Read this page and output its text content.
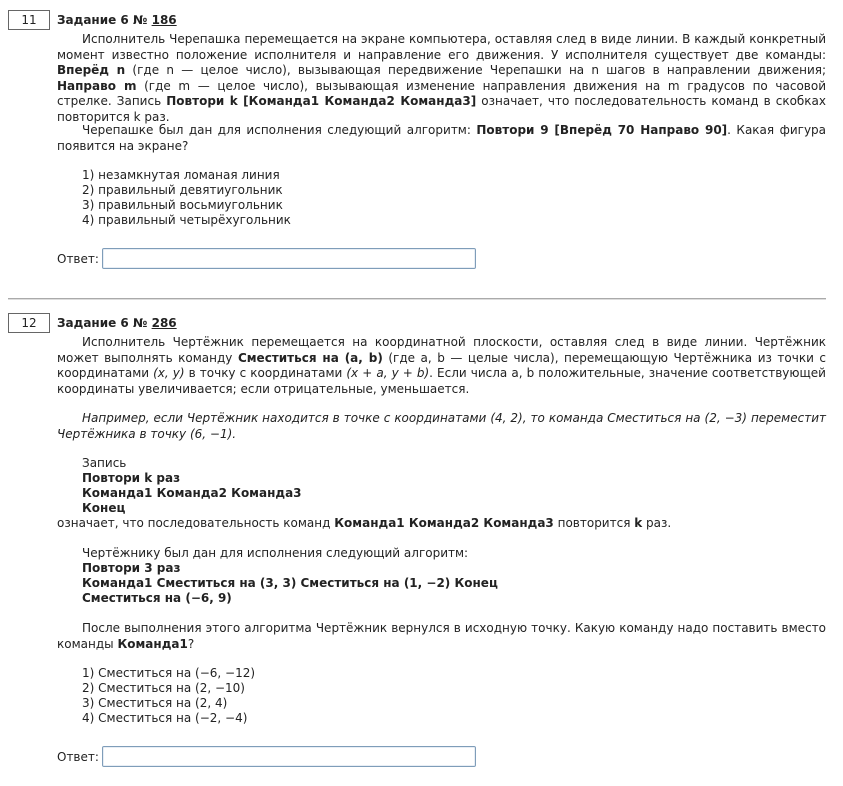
11	Задание 6 № 186

Исполнитель Черепашка перемещается на экране компьютера, оставляя след в виде линии. В каждый конкретный момент известно положение исполнителя и направление его движения. У исполнителя существует две команды: Вперёд n (где n — целое число), вызывающая передвижение Черепашки на n шагов в направлении движения; Направо m (где m — целое число), вызывающая изменение направления движения на m градусов по часовой стрелке. Запись Повтори k [Команда1 Команда2 Команда3] означает, что последовательность команд в скобках повторится k раз.

Черепашке был дан для исполнения следующий алгоритм: Повтори 9 [Вперёд 70 Направо 90]. Какая фигура появится на экране?

1) незамкнутая ломаная линия
2) правильный девятиугольник
3) правильный восьмиугольник
4) правильный четырёхугольник
Ответ:
12	Задание 6 № 286

Исполнитель Чертёжник перемещается на координатной плоскости, оставляя след в виде линии. Чертёжник может выполнять команду Сместиться на (a, b) (где a, b — целые числа), перемещающую Чертёжника из точки с координатами (x, y) в точку с координатами (x + a, y + b). Если числа a, b положительные, значение соответствующей координаты увеличивается; если отрицательные, уменьшается.

Например, если Чертёжник находится в точке с координатами (4, 2), то команда Сместиться на (2, −3) переместит Чертёжника в точку (6, −1).

Запись
Повтори k раз
Команда1 Команда2 Команда3
Конец
означает, что последовательность команд Команда1 Команда2 Команда3 повторится k раз.
Чертёжнику был дан для исполнения следующий алгоритм:
Повтори 3 раз
Команда1 Сместиться на (3, 3) Сместиться на (1, −2) Конец
Сместиться на (−6, 9)

После выполнения этого алгоритма Чертёжник вернулся в исходную точку. Какую команду надо поставить вместо команды Команда1?

1) Сместиться на (−6, −12)
2) Сместиться на (2, −10)
3) Сместиться на (2, 4)
4) Сместиться на (−2, −4)
Ответ:
